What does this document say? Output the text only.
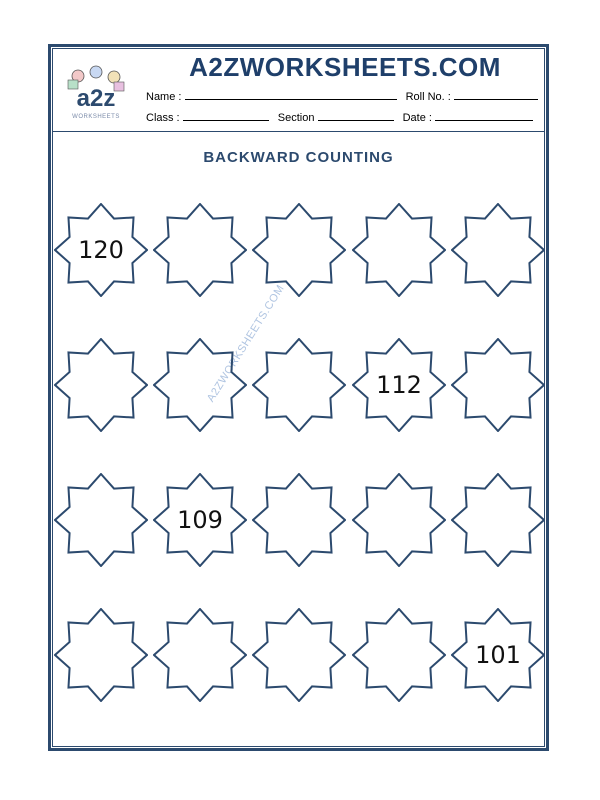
a2z
WORKSHEETS
A2ZWORKSHEETS.COM
Name :	Roll No. :
Class :	Section	Date :
BACKWARD COUNTING
A2ZWORKSHEETS.COM
120
112
109
101
